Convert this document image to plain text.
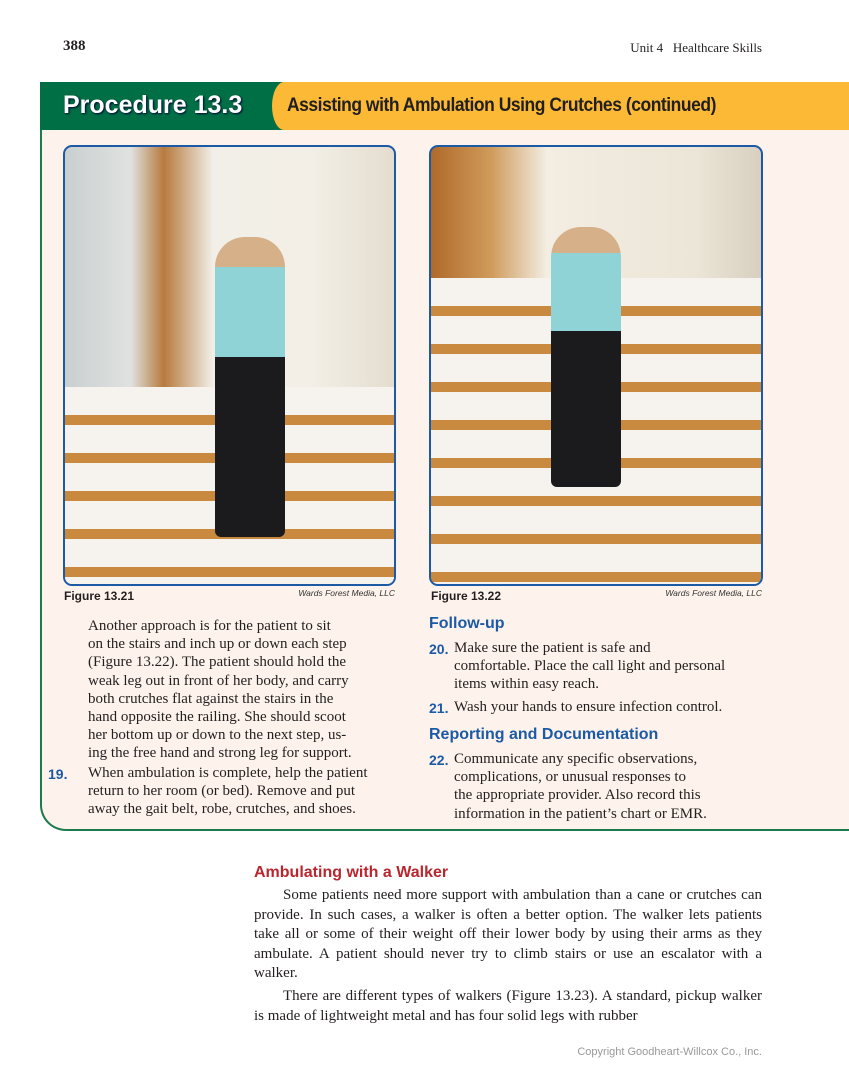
388	Unit 4   Healthcare Skills
Procedure 13.3 Assisting with Ambulation Using Crutches (continued)
Figure 13.21	Wards Forest Media, LLC	Figure 13.22	Wards Forest Media, LLC
Another approach is for the patient to sit
on the stairs and inch up or down each step
(Figure 13.22). The patient should hold the
weak leg out in front of her body, and carry
both crutches flat against the stairs in the
hand opposite the railing. She should scoot
her bottom up or down to the next step, us-
ing the free hand and strong leg for support.
19. When ambulation is complete, help the patient
return to her room (or bed). Remove and put
away the gait belt, robe, crutches, and shoes.
Follow-up
20. Make sure the patient is safe and
comfortable. Place the call light and personal
items within easy reach.
21. Wash your hands to ensure infection control.
Reporting and Documentation
22. Communicate any specific observations,
complications, or unusual responses to
the appropriate provider. Also record this
information in the patient’s chart or EMR.
Ambulating with a Walker

Some patients need more support with ambulation than a cane or crutches can provide. In such cases, a walker is often a better option. The walker lets patients take all or some of their weight off their lower body by using their arms as they ambulate. A patient should never try to climb stairs or use an escalator with a walker.

There are different types of walkers (Figure 13.23). A standard, pickup walker is made of lightweight metal and has four solid legs with rubber

Copyright Goodheart-Willcox Co., Inc.
